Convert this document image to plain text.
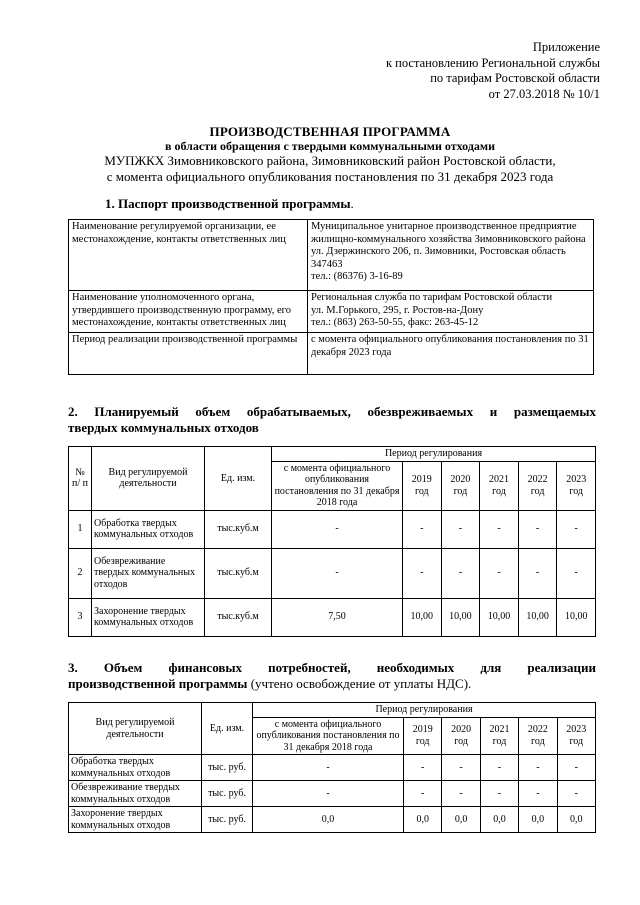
Приложение
к постановлению Региональной службы
по тарифам Ростовской области
от 27.03.2018 № 10/1
ПРОИЗВОДСТВЕННАЯ ПРОГРАММА
в области обращения с твердыми коммунальными отходами
МУПЖКХ Зимовниковского района, Зимовниковский район Ростовской области,
с момента официального опубликования постановления по 31 декабря 2023 года
1. Паспорт производственной программы.
Наименование регулируемой организации, ее местонахождение, контакты ответственных лиц	Муниципальное унитарное производственное предприятие жилищно-коммунального хозяйства Зимовниковского района
ул. Дзержинского 206, п. Зимовники, Ростовская область 347463
тел.: (86376) 3-16-89

Наименование уполномоченного органа, утвердившего производственную программу, его местонахождение, контакты ответственных лиц	Региональная служба по тарифам Ростовской области
ул. М.Горького, 295, г. Ростов-на-Дону
тел.: (863) 263-50-55, факс: 263-45-12

Период реализации производственной программы	с момента официального опубликования постановления по 31 декабря 2023 года
2. Планируемый объем обрабатываемых, обезвреживаемых и размещаемых
твердых коммунальных отходов
№ п/ п	Вид регулируемой деятельности	Ед. изм.	Период регулирования					
			с момента официального опубликования постановления по 31 декабря 2018 года	2019 год	2020 год	2021 год	2022 год	2023 год
1	Обработка твердых коммунальных отходов	тыс.куб.м	-	-	-	-	-	-
2	Обезвреживание твердых коммунальных отходов	тыс.куб.м	-	-	-	-	-	-
3	Захоронение твердых коммунальных отходов	тыс.куб.м	7,50	10,00	10,00	10,00	10,00	10,00
3. Объем финансовых потребностей, необходимых для реализации
производственной программы (учтено освобождение от уплаты НДС).
Вид регулируемой деятельности	Ед. изм.	Период регулирования					
		с момента официального опубликования постановления по 31 декабря 2018 года	2019 год	2020 год	2021 год	2022 год	2023 год
Обработка твердых коммунальных отходов	тыс. руб.	-	-	-	-	-	-
Обезвреживание твердых коммунальных отходов	тыс. руб.	-	-	-	-	-	-
Захоронение твердых коммунальных отходов	тыс. руб.	0,0	0,0	0,0	0,0	0,0	0,0
